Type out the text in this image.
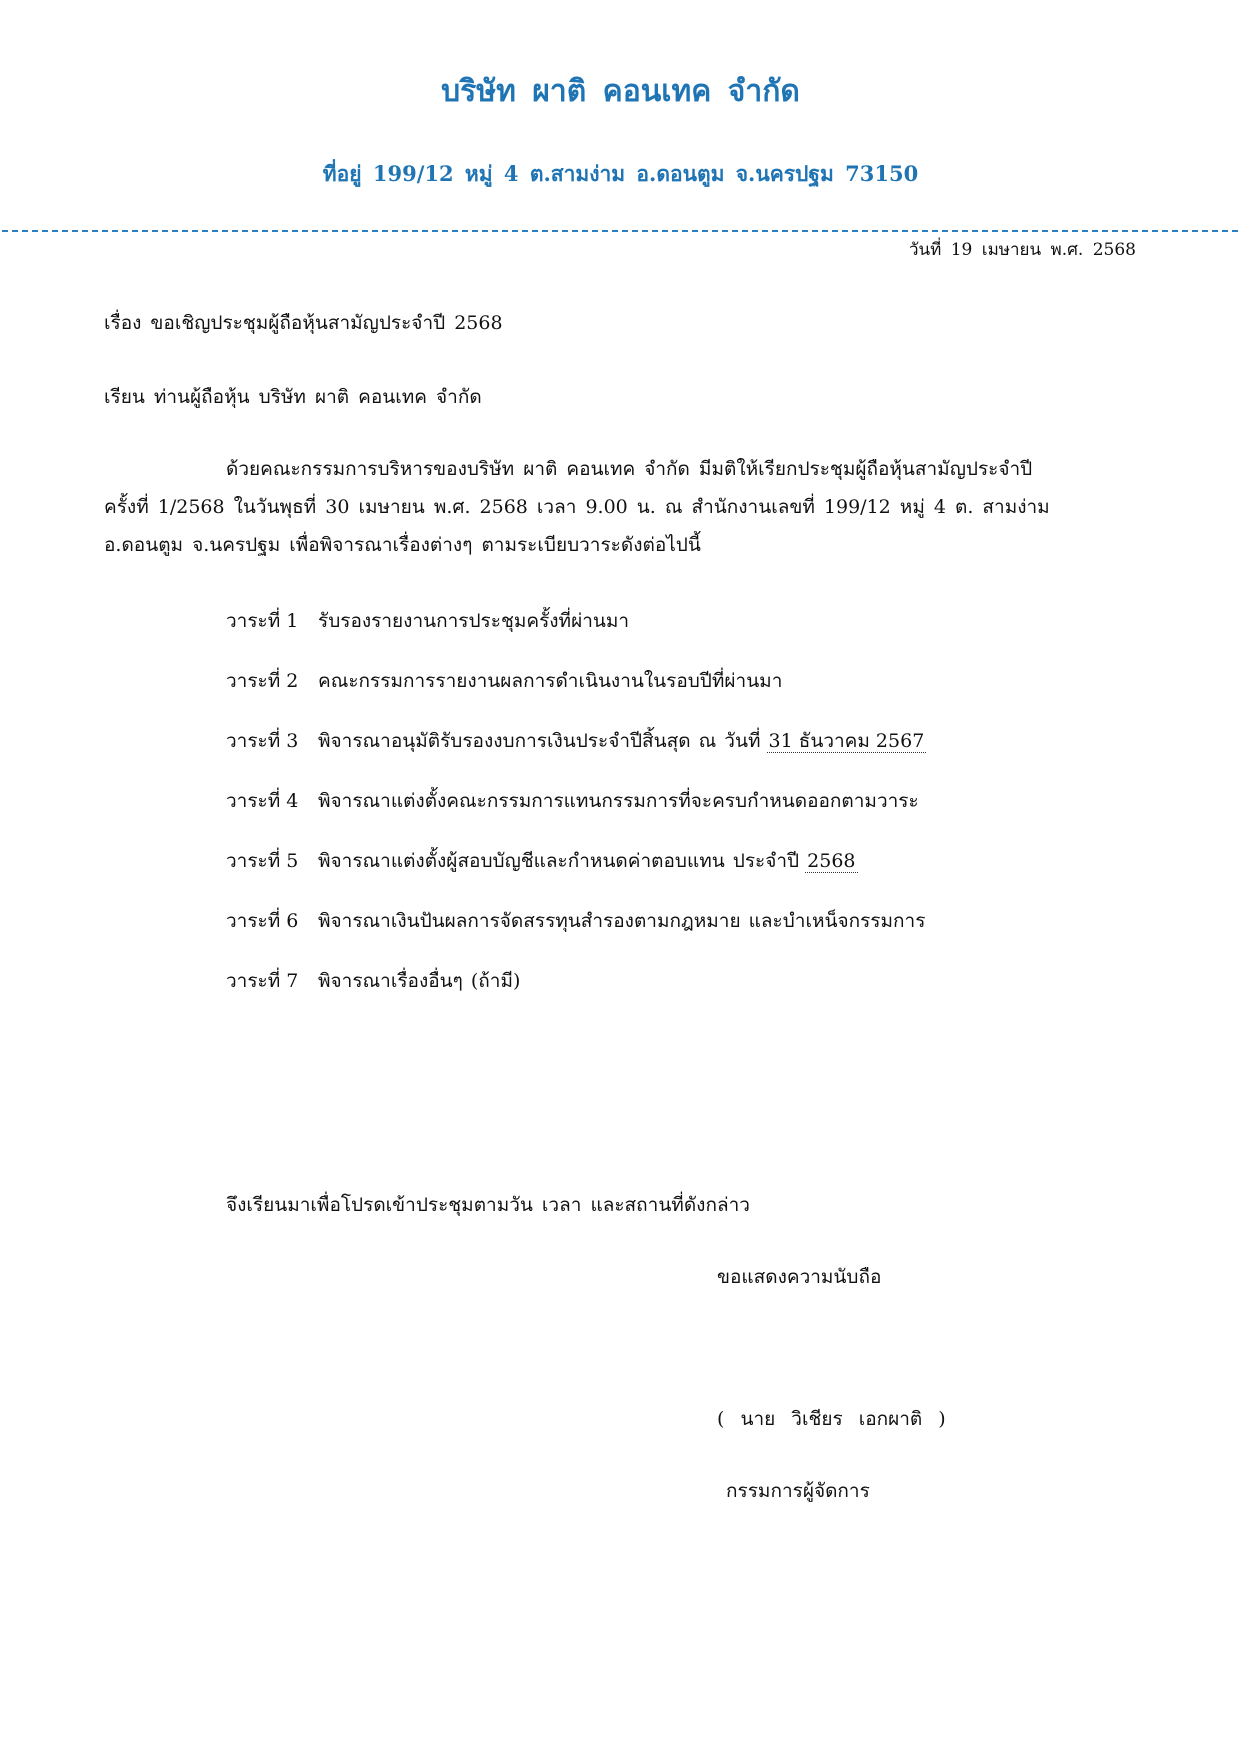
บริษัท ผาติ คอนเทค จำกัด
ที่อยู่ 199/12 หมู่ 4 ต.สามง่าม อ.ดอนตูม จ.นครปฐม 73150
วันที่ 19 เมษายน พ.ศ. 2568
เรื่อง ขอเชิญประชุมผู้ถือหุ้นสามัญประจำปี 2568
เรียน ท่านผู้ถือหุ้น บริษัท ผาติ คอนเทค จำกัด
ด้วยคณะกรรมการบริหารของบริษัท ผาติ คอนเทค จำกัด มีมติให้เรียกประชุมผู้ถือหุ้นสามัญประจำปี
ครั้งที่ 1/2568 ในวันพุธที่ 30 เมษายน พ.ศ. 2568 เวลา 9.00 น. ณ สำนักงานเลขที่ 199/12 หมู่ 4 ต. สามง่าม
อ.ดอนตูม จ.นครปฐม เพื่อพิจารณาเรื่องต่างๆ ตามระเบียบวาระดังต่อไปนี้
วาระที่ 1 รับรองรายงานการประชุมครั้งที่ผ่านมา
วาระที่ 2 คณะกรรมการรายงานผลการดำเนินงานในรอบปีที่ผ่านมา
วาระที่ 3 พิจารณาอนุมัติรับรองงบการเงินประจำปีสิ้นสุด ณ วันที่ 31 ธันวาคม 2567
วาระที่ 4 พิจารณาแต่งตั้งคณะกรรมการแทนกรรมการที่จะครบกำหนดออกตามวาระ
วาระที่ 5 พิจารณาแต่งตั้งผู้สอบบัญชีและกำหนดค่าตอบแทน ประจำปี 2568
วาระที่ 6 พิจารณาเงินปันผลการจัดสรรทุนสำรองตามกฎหมาย และบำเหน็จกรรมการ
วาระที่ 7 พิจารณาเรื่องอื่นๆ (ถ้ามี)
จึงเรียนมาเพื่อโปรดเข้าประชุมตามวัน เวลา และสถานที่ดังกล่าว
ขอแสดงความนับถือ
( นาย วิเชียร เอกผาติ )
กรรมการผู้จัดการ
